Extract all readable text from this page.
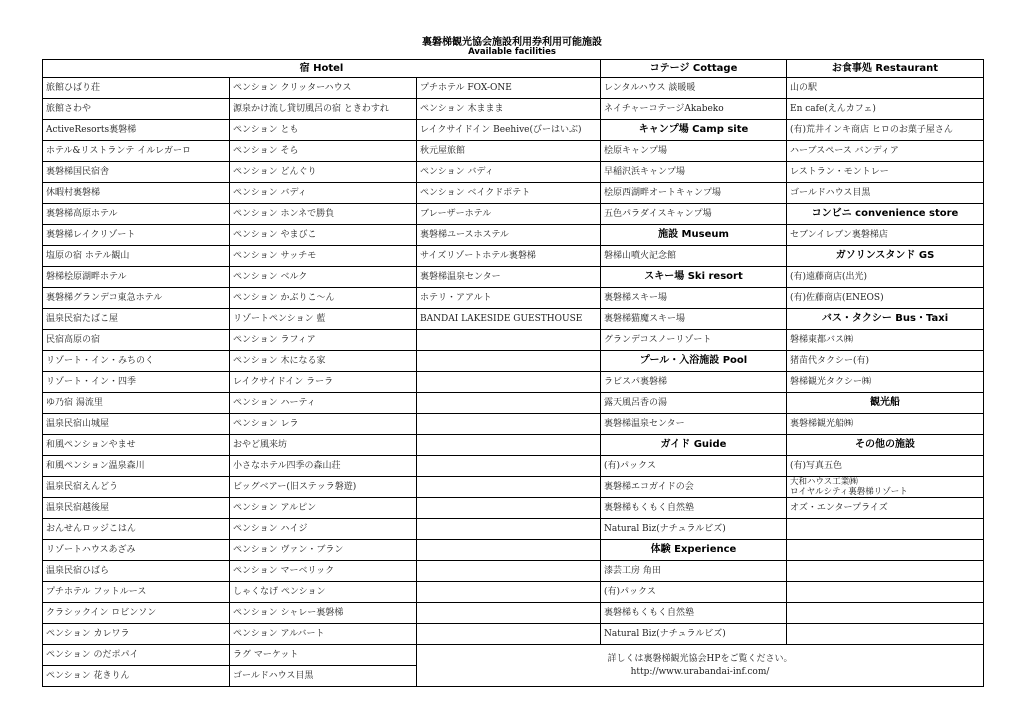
裏磐梯観光協会施設利用券利用可能施設
Available facilities
宿 Hotel			コテージ Cottage	お食事処 Restaurant
旅館ひばり荘	ペンション クリッターハウス	プチホテル FOX-ONE	レンタルハウス 談暖暖	山の駅
旅館さわや	源泉かけ流し貸切風呂の宿 ときわすれ	ペンション 木ままま	ネイチャーコテージAkabeko	En cafe(えんカフェ)
ActiveResorts裏磐梯	ペンション とも	レイクサイドイン Beehive(びーはいぶ)	キャンプ場 Camp site	(有)荒井インキ商店 ヒロのお菓子屋さん
ホテル&リストランテ イルレガーロ	ペンション そら	秋元屋旅館	桧原キャンプ場	ハーブスペース バンディア
裏磐梯国民宿舎	ペンション どんぐり	ペンション バディ	早稲沢浜キャンプ場	レストラン・モントレー
休暇村裏磐梯	ペンション バディ	ペンション ベイクドポテト	桧原西湖畔オートキャンプ場	ゴールドハウス目黒
裏磐梯高原ホテル	ペンション ホンネで勝負	ブレーザーホテル	五色パラダイスキャンプ場	コンビニ convenience store
裏磐梯レイクリゾート	ペンション やまびこ	裏磐梯ユースホステル	施設 Museum	セブンイレブン裏磐梯店
塩原の宿 ホテル観山	ペンション サッチモ	サイズリゾートホテル裏磐梯	磐梯山噴火記念館	ガソリンスタンド GS
磐梯桧原湖畔ホテル	ペンション ベルク	裏磐梯温泉センター	スキー場 Ski resort	(有)遠藤商店(出光)
裏磐梯グランデコ東急ホテル	ペンション かぶりこ～ん	ホテリ・アアルト	裏磐梯スキー場	(有)佐藤商店(ENEOS)
温泉民宿たばこ屋	リゾートペンション 藍	BANDAI LAKESIDE GUESTHOUSE	裏磐梯猫魔スキー場	バス・タクシー Bus・Taxi
民宿高原の宿	ペンション ラフィア		グランデコスノーリゾート	磐梯東都バス㈱
リゾート・イン・みちのく	ペンション 木になる家		プール・入浴施設 Pool	猪苗代タクシー(有)
リゾート・イン・四季	レイクサイドイン ラーラ		ラビスパ裏磐梯	磐梯観光タクシー㈱
ゆ乃宿 湯流里	ペンション ハーティ		露天風呂香の湯	観光船
温泉民宿山城屋	ペンション レラ		裏磐梯温泉センター	裏磐梯観光船㈱
和風ペンションやませ	おやど風来坊		ガイド Guide	その他の施設
和風ペンション温泉森川	小さなホテル四季の森山荘		(有)パックス	(有)写真五色
温泉民宿えんどう	ビッグベアー(旧ステッラ磐遊)		裏磐梯エコガイドの会	大和ハウス工業㈱
ロイヤルシティ裏磐梯リゾート

温泉民宿越後屋	ペンション アルピン		裏磐梯もくもく自然塾	オズ・エンタープライズ
おんせんロッジこはん	ペンション ハイジ		Natural Biz(ナチュラルビズ)	
リゾートハウスあざみ	ペンション ヴァン・ブラン		体験 Experience	
温泉民宿ひばら	ペンション マーベリック		漆芸工房 角田	
プチホテル フットルース	しゃくなげ ペンション		(有)パックス	
クラシックイン ロビンソン	ペンション シャレー裏磐梯		裏磐梯もくもく自然塾	
ペンション カレワラ	ペンション アルバート		Natural Biz(ナチュラルビズ)	
ペンション のだポパイ	ラグ マーケット	詳しくは裏磐梯観光協会HPをご覧ください。
http://www.urabandai-inf.com/		

ペンション 花きりん	ゴールドハウス目黒			
